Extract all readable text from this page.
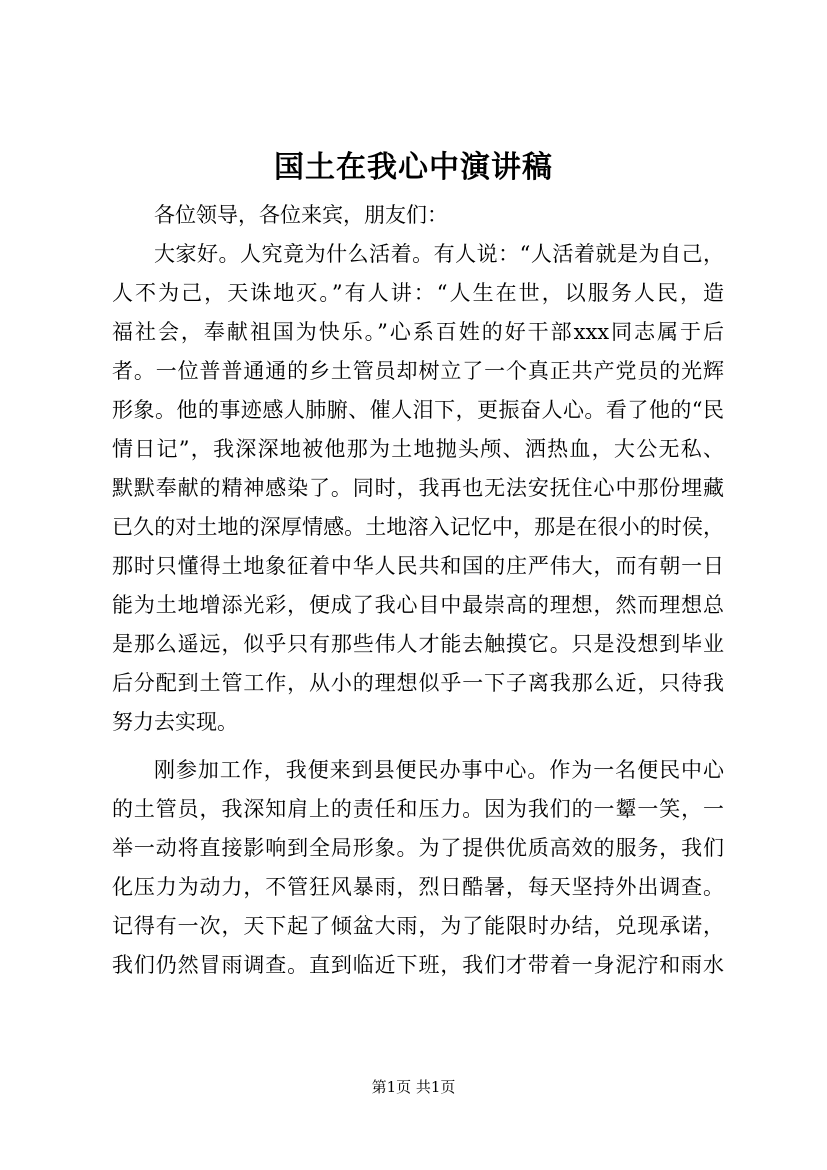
国土在我心中演讲稿
各位领导，各位来宾，朋友们：
大家好。人究竟为什么活着。有人说：“人活着就是为自己，
人不为己，天诛地灭。”有人讲：“人生在世，以服务人民，造
福社会，奉献祖国为快乐。”心系百姓的好干部xxx同志属于后
者。一位普普通通的乡土管员却树立了一个真正共产党员的光辉
形象。他的事迹感人肺腑、催人泪下，更振奋人心。看了他的“民
情日记”，我深深地被他那为土地抛头颅、洒热血，大公无私、
默默奉献的精神感染了。同时，我再也无法安抚住心中那份埋藏
已久的对土地的深厚情感。土地溶入记忆中，那是在很小的时侯，
那时只懂得土地象征着中华人民共和国的庄严伟大，而有朝一日
能为土地增添光彩，便成了我心目中最崇高的理想，然而理想总
是那么遥远，似乎只有那些伟人才能去触摸它。只是没想到毕业
后分配到土管工作，从小的理想似乎一下子离我那么近，只待我
努力去实现。
刚参加工作，我便来到县便民办事中心。作为一名便民中心
的土管员，我深知肩上的责任和压力。因为我们的一颦一笑，一
举一动将直接影响到全局形象。为了提供优质高效的服务，我们
化压力为动力，不管狂风暴雨，烈日酷暑，每天坚持外出调查。
记得有一次，天下起了倾盆大雨，为了能限时办结，兑现承诺，
我们仍然冒雨调查。直到临近下班，我们才带着一身泥泞和雨水
第1页 共1页
